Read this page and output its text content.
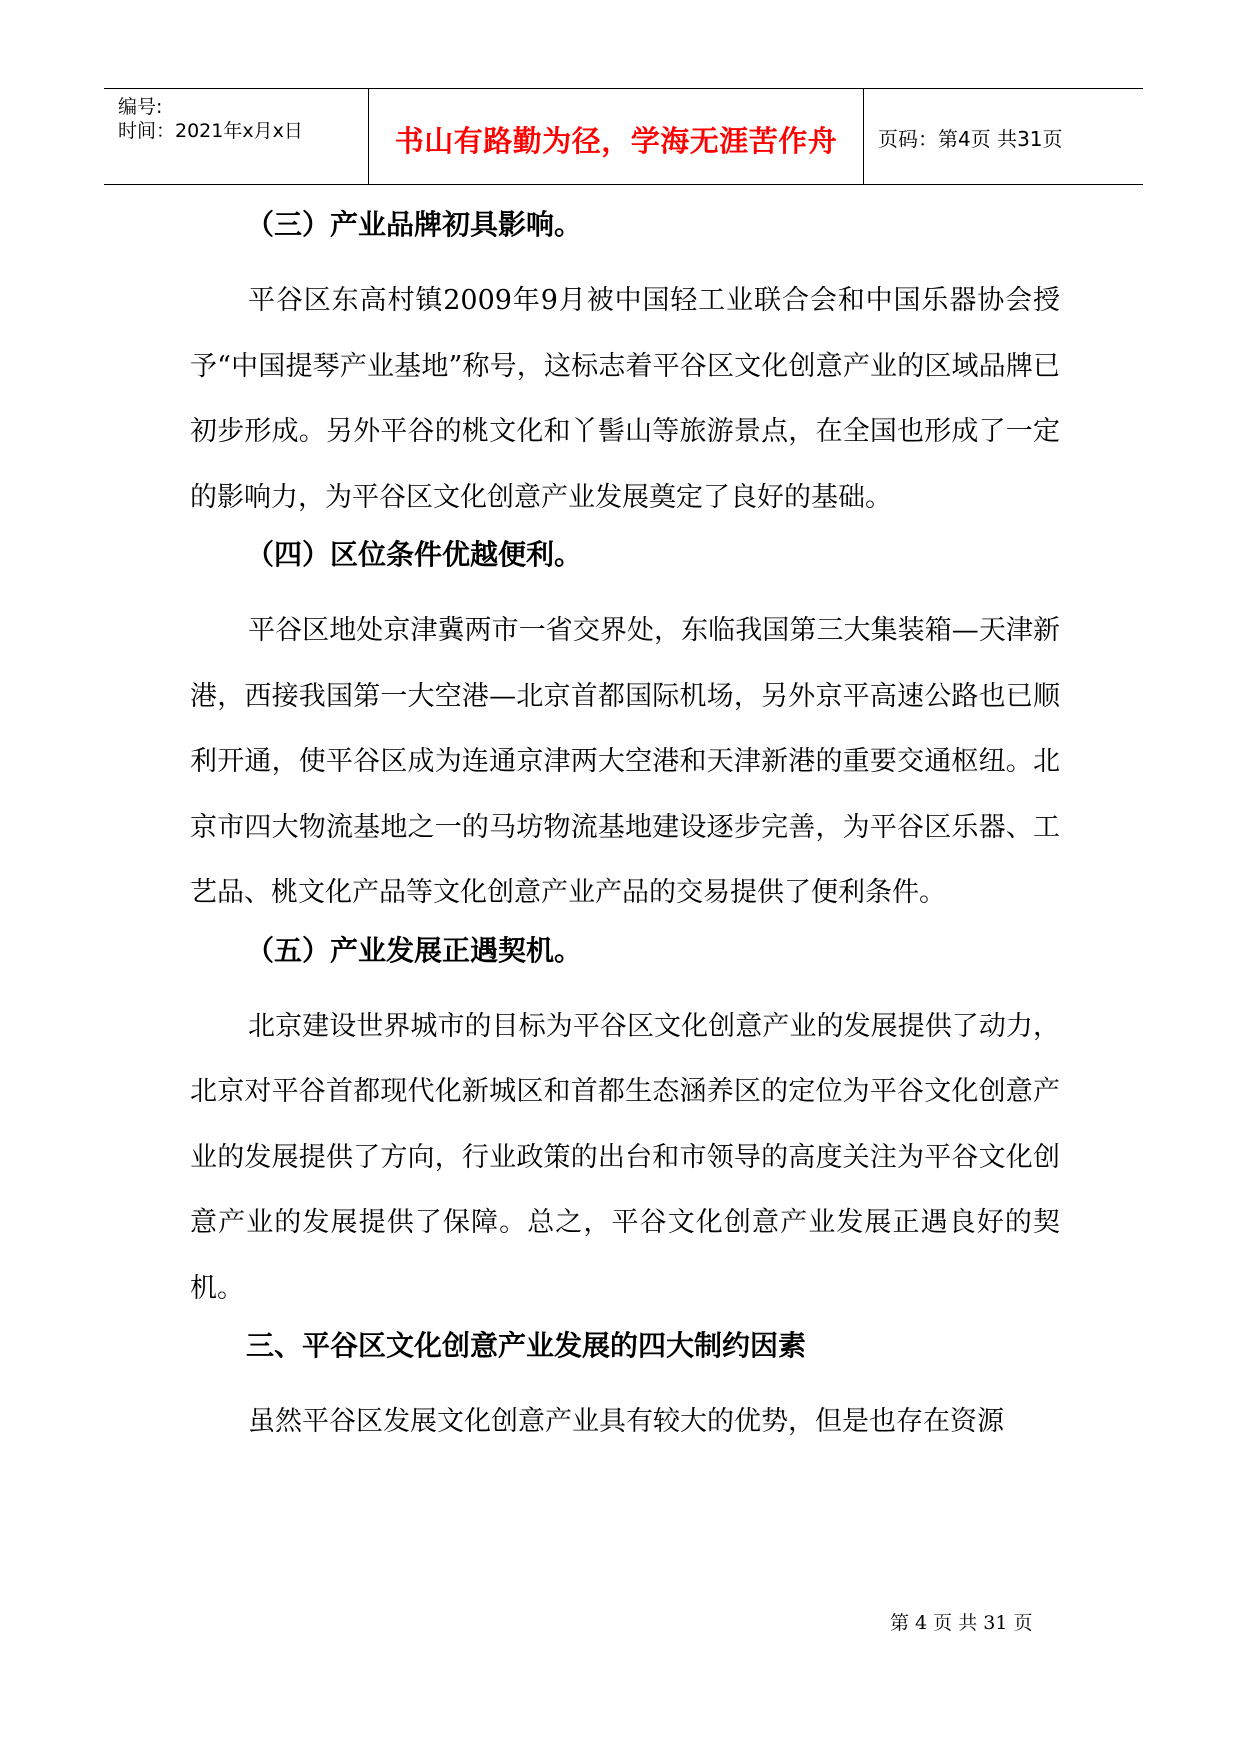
编号:
时间：2021年x月x日	书山有路勤为径，学海无涯苦作舟	页码：第4页 共31页
（三）产业品牌初具影响。

平谷区东高村镇2009年9月被中国轻工业联合会和中国乐器协会授予“中国提琴产业基地”称号，这标志着平谷区文化创意产业的区域品牌已初步形成。另外平谷的桃文化和丫髻山等旅游景点，在全国也形成了一定的影响力，为平谷区文化创意产业发展奠定了良好的基础。

（四）区位条件优越便利。

平谷区地处京津冀两市一省交界处，东临我国第三大集装箱—天津新港，西接我国第一大空港—北京首都国际机场，另外京平高速公路也已顺利开通，使平谷区成为连通京津两大空港和天津新港的重要交通枢纽。北京市四大物流基地之一的马坊物流基地建设逐步完善，为平谷区乐器、工艺品、桃文化产品等文化创意产业产品的交易提供了便利条件。

（五）产业发展正遇契机。

北京建设世界城市的目标为平谷区文化创意产业的发展提供了动力，北京对平谷首都现代化新城区和首都生态涵养区的定位为平谷文化创意产业的发展提供了方向，行业政策的出台和市领导的高度关注为平谷文化创意产业的发展提供了保障。总之，平谷文化创意产业发展正遇良好的契机。

三、平谷区文化创意产业发展的四大制约因素

虽然平谷区发展文化创意产业具有较大的优势，但是也存在资源

第 4 页 共 31 页
